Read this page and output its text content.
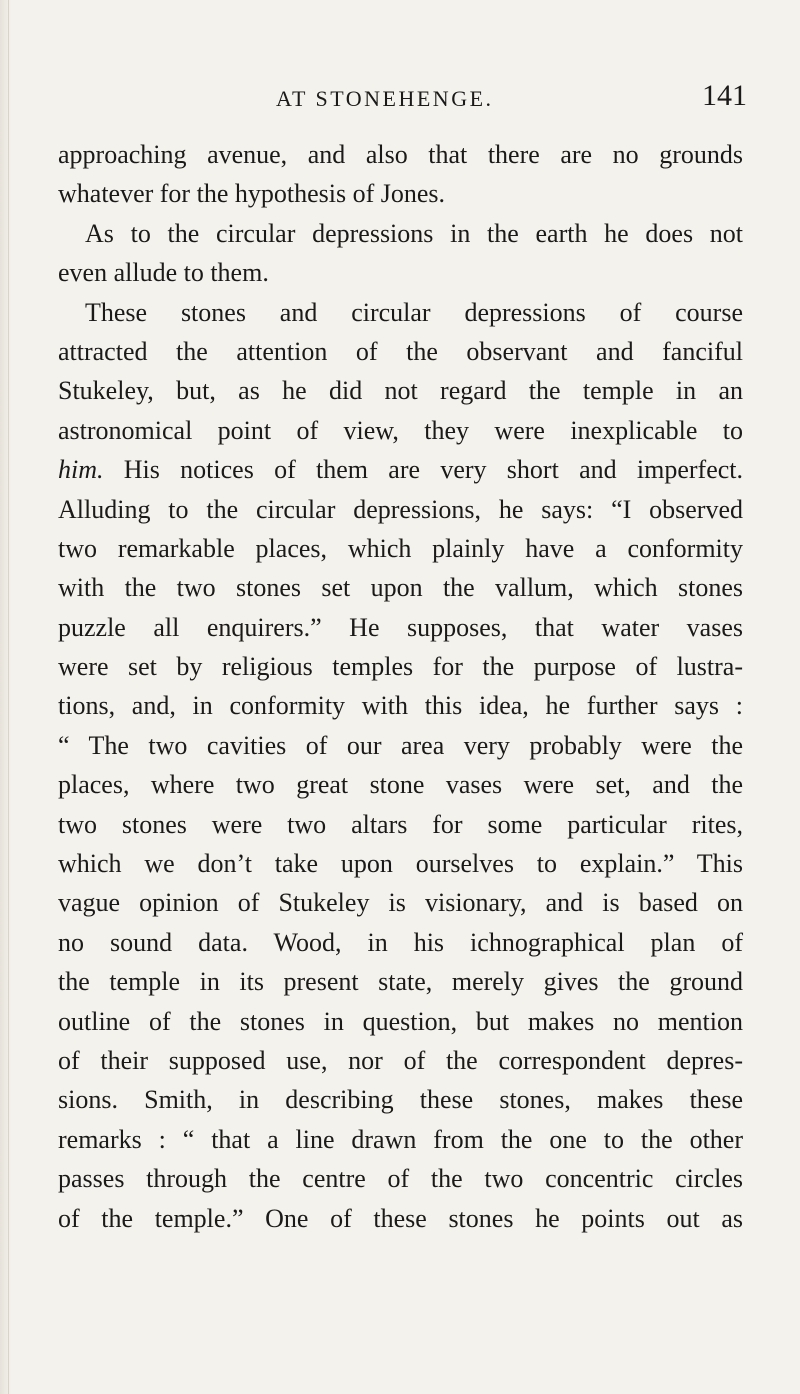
AT STONEHENGE.	141
approaching avenue, and also that there are no grounds
whatever for the hypothesis of Jones.
As to the circular depressions in the earth he does not
even allude to them.
These stones and circular depressions of course
attracted the attention of the observant and fanciful
Stukeley, but, as he did not regard the temple in an
astronomical point of view, they were inexplicable to
him. His notices of them are very short and imperfect.
Alluding to the circular depressions, he says: “I observed
two remarkable places, which plainly have a conformity
with the two stones set upon the vallum, which stones
puzzle all enquirers.” He supposes, that water vases
were set by religious temples for the purpose of lustra-
tions, and, in conformity with this idea, he further says :
“ The two cavities of our area very probably were the
places, where two great stone vases were set, and the
two stones were two altars for some particular rites,
which we don’t take upon ourselves to explain.” This
vague opinion of Stukeley is visionary, and is based on
no sound data. Wood, in his ichnographical plan of
the temple in its present state, merely gives the ground
outline of the stones in question, but makes no mention
of their supposed use, nor of the correspondent depres-
sions. Smith, in describing these stones, makes these
remarks : “ that a line drawn from the one to the other
passes through the centre of the two concentric circles
of the temple.” One of these stones he points out as
